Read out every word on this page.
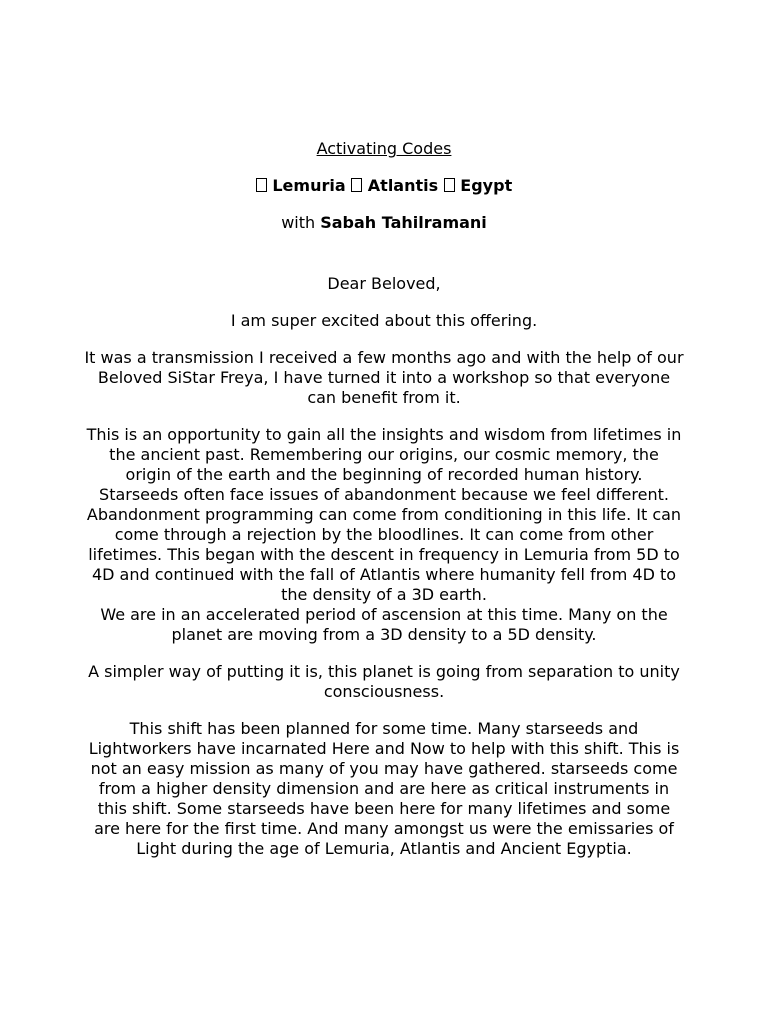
Activating Codes

Lemuria Atlantis Egypt

with Sabah Tahilramani

Dear Beloved,

I am super excited about this offering.

It was a transmission I received a few months ago and with the help of our Beloved SiStar Freya, I have turned it into a workshop so that everyone can benefit from it.

This is an opportunity to gain all the insights and wisdom from lifetimes in the ancient past. Remembering our origins, our cosmic memory, the origin of the earth and the beginning of recorded human history.

Starseeds often face issues of abandonment because we feel different. Abandonment programming can come from conditioning in this life. It can come through a rejection by the bloodlines. It can come from other lifetimes. This began with the descent in frequency in Lemuria from 5D to 4D and continued with the fall of Atlantis where humanity fell from 4D to the density of a 3D earth.

We are in an accelerated period of ascension at this time. Many on the planet are moving from a 3D density to a 5D density.

A simpler way of putting it is, this planet is going from separation to unity consciousness.

This shift has been planned for some time. Many starseeds and Lightworkers have incarnated Here and Now to help with this shift. This is not an easy mission as many of you may have gathered. starseeds come from a higher density dimension and are here as critical instruments in this shift. Some starseeds have been here for many lifetimes and some are here for the first time. And many amongst us were the emissaries of Light during the age of Lemuria, Atlantis and Ancient Egyptia.
